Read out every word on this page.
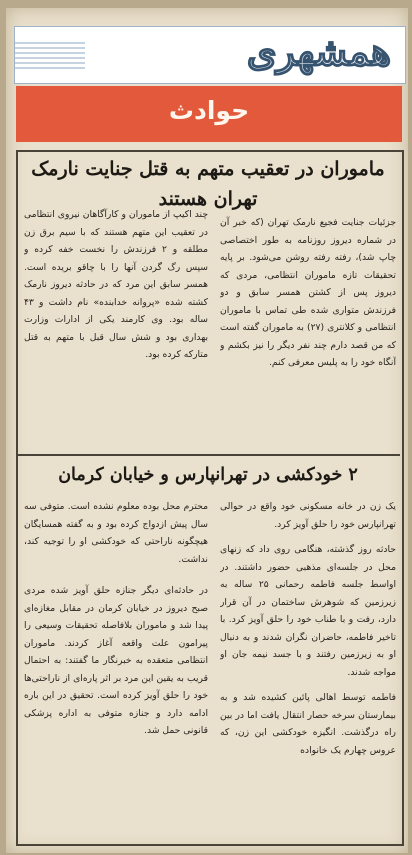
همشهری
حوادث
ماموران در تعقیب متهم به قتل جنایت نارمک تهران هستند

جزئیات جنایت فجیع نارمک تهران (که خبر آن در شماره دیروز روزنامه به طور اختصاصی چاپ شد)، رفته رفته روشن می‌شود. بر پایه تحقیقات تازه ماموران انتظامی، مردی که دیروز پس از کشتن همسر سابق و دو فرزندش متواری شده طی تماس با ماموران انتظامی و کلانتری (۲۷) به ماموران گفته است که من قصد دارم چند نفر دیگر را نیز بکشم و آنگاه خود را به پلیس معرفی کنم.

چند اکیپ از ماموران و کارآگاهان نیروی انتظامی در تعقیب این متهم هستند که با سیم برق زن مطلقه و ۲ فرزندش را نخست خفه کرده و سپس رگ گردن آنها را با چاقو بریده است. همسر سابق این مرد که در حادثه دیروز نارمک کشته شده «پروانه خدابنده» نام داشت و ۴۳ ساله بود. وی کارمند یکی از ادارات وزارت بهداری بود و شش سال قبل با متهم به قتل متارکه کرده بود.

۲ خودکشی در تهرانپارس و خیابان کرمان

یک زن در خانه مسکونی خود واقع در حوالی تهرانپارس خود را حلق آویز کرد.

حادثه روز گذشته، هنگامی روی داد که زنهای محل در جلسه‌ای مذهبی حضور داشتند. در اواسط جلسه فاطمه رحمانی ۲۵ ساله به زیرزمین که شوهرش ساختمان در آن قرار دارد، رفت و با طناب خود را حلق آویز کرد. با تاخیر فاطمه، حاضران نگران شدند و به دنبال او به زیرزمین رفتند و با جسد نیمه جان او مواجه شدند.

فاطمه توسط اهالی پائین کشیده شد و به بیمارستان سرخه حصار انتقال یافت اما در بین راه درگذشت. انگیزه خودکشی این زن، که عروس چهارم یک خانواده

محترم محل بوده معلوم نشده است. متوفی سه سال پیش ازدواج کرده بود و به گفته همسایگان هیچگونه ناراحتی که خودکشی او را توجیه کند، نداشت.

در حادثه‌ای دیگر جنازه حلق آویز شده مردی صبح دیروز در خیابان کرمان در مقابل مغازه‌ای پیدا شد و ماموران بلافاصله تحقیقات وسیعی را پیرامون علت واقعه آغاز کردند. ماموران انتظامی متعقده به خبرنگار ما گفتند: به احتمال قریب به یقین این مرد بر اثر پاره‌ای از ناراحتی‌ها خود را حلق آویز کرده است. تحقیق در این باره ادامه دارد و جنازه متوفی به اداره پزشکی قانونی حمل شد.
